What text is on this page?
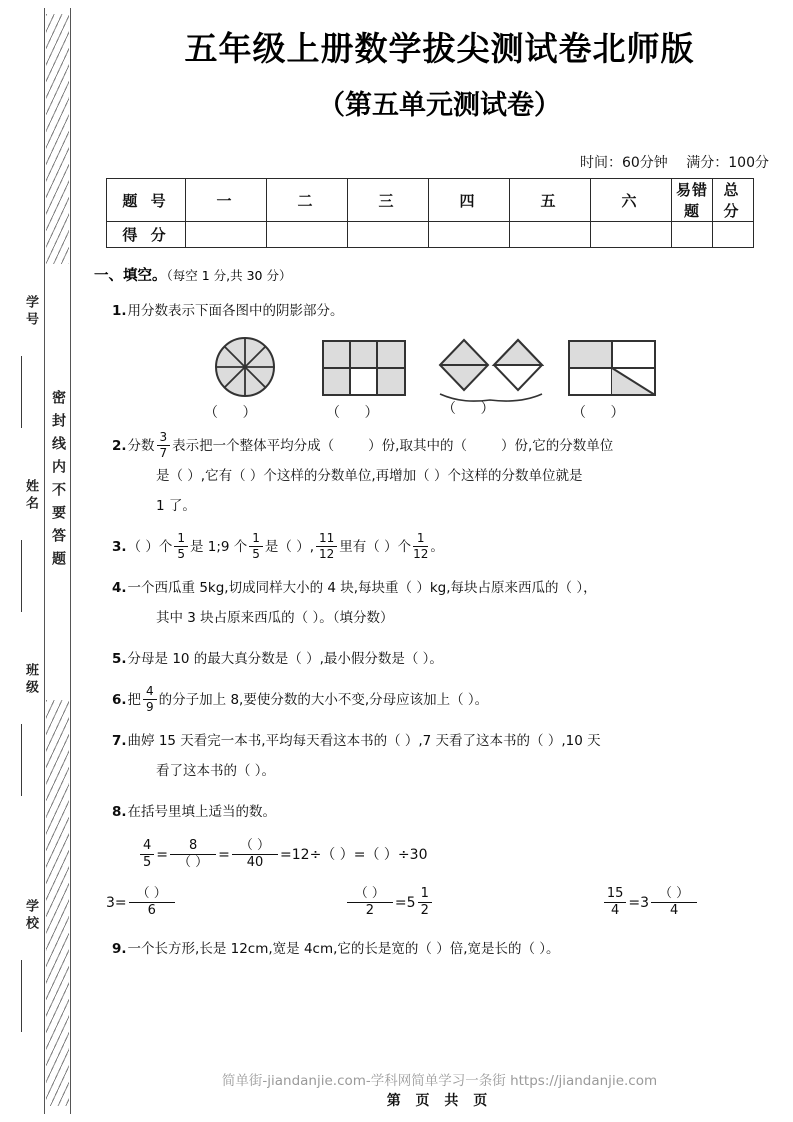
密封线内不要答题
学号
姓名
班级
学校
五年级上册数学拔尖测试卷北师版
（第五单元测试卷）
时间：60分钟 满分：100分
题 号	一	二	三	四	五	六	易错题	总 分
得 分								
一、填空。（每空 1 分,共 30 分）
1.用分数表示下面各图中的阴影部分。
（ ）	（ ）	（ ）	（ ）
2.分数 $\frac{3}{7}$ 表示把一个整体平均分成（	）份,取其中的（	）份,它的分数单位
是（ ）,它有（ ）个这样的分数单位,再增加（ ）个这样的分数单位就是
1 了。
3.（ ）个 $\frac{1}{5}$ 是 1;9 个 $\frac{1}{5}$ 是（ ）, $\frac{11}{12}$ 里有（ ）个 $\frac{1}{12}$ 。
4.一个西瓜重 5kg,切成同样大小的 4 块,每块重（ ）kg,每块占原来西瓜的（ ），
其中 3 块占原来西瓜的（ ）。（填分数）
5.分母是 10 的最大真分数是（ ）,最小假分数是（ ）。
6.把 $\frac{4}{9}$ 的分子加上 8,要使分数的大小不变,分母应该加上（ ）。
7.曲婷 15 天看完一本书,平均每天看这本书的（ ）,7 天看了这本书的（ ）,10 天
看了这本书的（ ）。
8.在括号里填上适当的数。
$\frac{4}{5} = \frac{8}{( )} = \frac{( )}{40} =12\div$（ ）=（ ）÷30
$3= \frac{( )}{6}$	$\frac{( )}{2} =5 \frac{1}{2}$	$\frac{15}{4} =3 \frac{( )}{4}$
9.一个长方形,长是 12cm,宽是 4cm,它的长是宽的（ ）倍,宽是长的（ ）。
简单街-jiandanjie.com-学科网简单学习一条街 https://jiandanjie.com
第 页 共 页
